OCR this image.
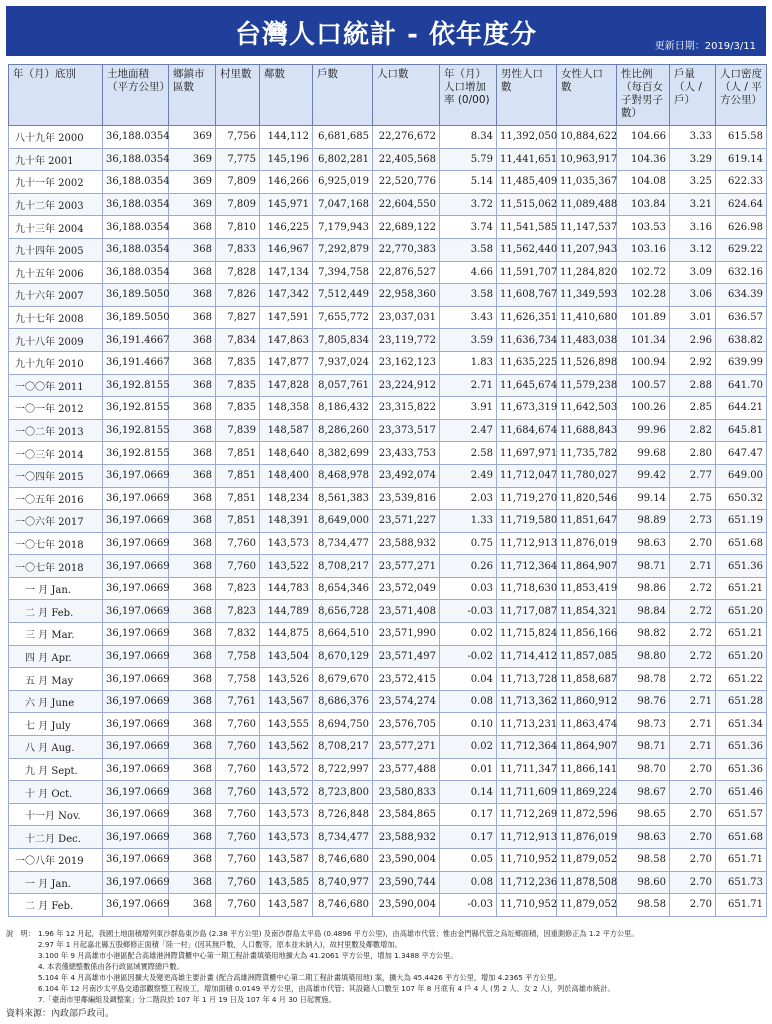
台灣人口統計 - 依年度分	更新日期：2019/3/11
年（月）底別	土地面積（平方公里）	鄉鎮市區數	村里數	鄰數	戶數	人口數	年（月）人口增加率 (0/00)	男性人口數	女性人口數	性比例（每百女子對男子數）	戶量（人 / 戶）	人口密度（人 / 平方公里）
八十九年 2000	36,188.0354	369	7,756	144,112	6,681,685	22,276,672	8.34	11,392,050	10,884,622	104.66	3.33	615.58
九十年 2001	36,188.0354	369	7,775	145,196	6,802,281	22,405,568	5.79	11,441,651	10,963,917	104.36	3.29	619.14
九十一年 2002	36,188.0354	369	7,809	146,266	6,925,019	22,520,776	5.14	11,485,409	11,035,367	104.08	3.25	622.33
九十二年 2003	36,188.0354	369	7,809	145,971	7,047,168	22,604,550	3.72	11,515,062	11,089,488	103.84	3.21	624.64
九十三年 2004	36,188.0354	368	7,810	146,225	7,179,943	22,689,122	3.74	11,541,585	11,147,537	103.53	3.16	626.98
九十四年 2005	36,188.0354	368	7,833	146,967	7,292,879	22,770,383	3.58	11,562,440	11,207,943	103.16	3.12	629.22
九十五年 2006	36,188.0354	368	7,828	147,134	7,394,758	22,876,527	4.66	11,591,707	11,284,820	102.72	3.09	632.16
九十六年 2007	36,189.5050	368	7,826	147,342	7,512,449	22,958,360	3.58	11,608,767	11,349,593	102.28	3.06	634.39
九十七年 2008	36,189.5050	368	7,827	147,591	7,655,772	23,037,031	3.43	11,626,351	11,410,680	101.89	3.01	636.57
九十八年 2009	36,191.4667	368	7,834	147,863	7,805,834	23,119,772	3.59	11,636,734	11,483,038	101.34	2.96	638.82
九十九年 2010	36,191.4667	368	7,835	147,877	7,937,024	23,162,123	1.83	11,635,225	11,526,898	100.94	2.92	639.99
一〇〇年 2011	36,192.8155	368	7,835	147,828	8,057,761	23,224,912	2.71	11,645,674	11,579,238	100.57	2.88	641.70
一〇一年 2012	36,192.8155	368	7,835	148,358	8,186,432	23,315,822	3.91	11,673,319	11,642,503	100.26	2.85	644.21
一〇二年 2013	36,192.8155	368	7,839	148,587	8,286,260	23,373,517	2.47	11,684,674	11,688,843	99.96	2.82	645.81
一〇三年 2014	36,192.8155	368	7,851	148,640	8,382,699	23,433,753	2.58	11,697,971	11,735,782	99.68	2.80	647.47
一〇四年 2015	36,197.0669	368	7,851	148,400	8,468,978	23,492,074	2.49	11,712,047	11,780,027	99.42	2.77	649.00
一〇五年 2016	36,197.0669	368	7,851	148,234	8,561,383	23,539,816	2.03	11,719,270	11,820,546	99.14	2.75	650.32
一〇六年 2017	36,197.0669	368	7,851	148,391	8,649,000	23,571,227	1.33	11,719,580	11,851,647	98.89	2.73	651.19
一〇七年 2018	36,197.0669	368	7,760	143,573	8,734,477	23,588,932	0.75	11,712,913	11,876,019	98.63	2.70	651.68
一〇七年 2018	36,197.0669	368	7,760	143,522	8,708,217	23,577,271	0.26	11,712,364	11,864,907	98.71	2.71	651.36
　一 月 Jan.	36,197.0669	368	7,823	144,783	8,654,346	23,572,049	0.03	11,718,630	11,853,419	98.86	2.72	651.21
　二 月 Feb.	36,197.0669	368	7,823	144,789	8,656,728	23,571,408	-0.03	11,717,087	11,854,321	98.84	2.72	651.20
　三 月 Mar.	36,197.0669	368	7,832	144,875	8,664,510	23,571,990	0.02	11,715,824	11,856,166	98.82	2.72	651.21
　四 月 Apr.	36,197.0669	368	7,758	143,504	8,670,129	23,571,497	-0.02	11,714,412	11,857,085	98.80	2.72	651.20
　五 月 May	36,197.0669	368	7,758	143,526	8,679,670	23,572,415	0.04	11,713,728	11,858,687	98.78	2.72	651.22
　六 月 June	36,197.0669	368	7,761	143,567	8,686,376	23,574,274	0.08	11,713,362	11,860,912	98.76	2.71	651.28
　七 月 July	36,197.0669	368	7,760	143,555	8,694,750	23,576,705	0.10	11,713,231	11,863,474	98.73	2.71	651.34
　八 月 Aug.	36,197.0669	368	7,760	143,562	8,708,217	23,577,271	0.02	11,712,364	11,864,907	98.71	2.71	651.36
　九 月 Sept.	36,197.0669	368	7,760	143,572	8,722,997	23,577,488	0.01	11,711,347	11,866,141	98.70	2.70	651.36
　十 月 Oct.	36,197.0669	368	7,760	143,572	8,723,800	23,580,833	0.14	11,711,609	11,869,224	98.67	2.70	651.46
　十一月 Nov.	36,197.0669	368	7,760	143,573	8,726,848	23,584,865	0.17	11,712,269	11,872,596	98.65	2.70	651.57
　十二月 Dec.	36,197.0669	368	7,760	143,573	8,734,477	23,588,932	0.17	11,712,913	11,876,019	98.63	2.70	651.68
一〇八年 2019	36,197.0669	368	7,760	143,587	8,746,680	23,590,004	0.05	11,710,952	11,879,052	98.58	2.70	651.71
　一 月 Jan.	36,197.0669	368	7,760	143,585	8,740,977	23,590,744	0.08	11,712,236	11,878,508	98.60	2.70	651.73
　二 月 Feb.	36,197.0669	368	7,760	143,587	8,746,680	23,590,004	-0.03	11,710,952	11,879,052	98.58	2.70	651.71
說　明： 1.96 年 12 月起，我國土地面積增列東沙群島東沙島 (2.38 平方公里) 及南沙群島太平島 (0.4896 平方公里)，由高雄市代管；惟由金門縣代管之烏坵鄉面積，因重測修正為 1.2 平方公里。
2.97 年 1 月起嘉北縣五股鄉修正面積「陸一村」(因其無戶數，人口數等，原本並未納入)，故村里數及鄰數增加。
3.100 年 9 月高雄市小港區配合高雄港洲際貨櫃中心第一期工程計畫填築用地擴大為 41.2061 平方公里，增加 1.3488 平方公里。
4. 本表僅總整數係由各行政區域實際總戶數。
5.104 年 4 月高雄市小港區因擴大及變更高雄主要計畫 (配合高雄洲際貨櫃中心第二期工程計畫填築用地) 案，擴大為 45.4426 平方公里，增加 4.2365 平方公里。
6.104 年 12 月南沙太平島交通部觀察整工程竣工，增加面積 0.0149 平方公里，由高雄市代管；其設籍人口數至 107 年 8 月底有 4 戶 4 人 (男 2 人、女 2 人)，列於高雄市統計。
7.「臺南市里鄰編組及調整案」分二階段於 107 年 1 月 19 日及 107 年 4 月 30 日起實施。
資料來源：內政部戶政司。
